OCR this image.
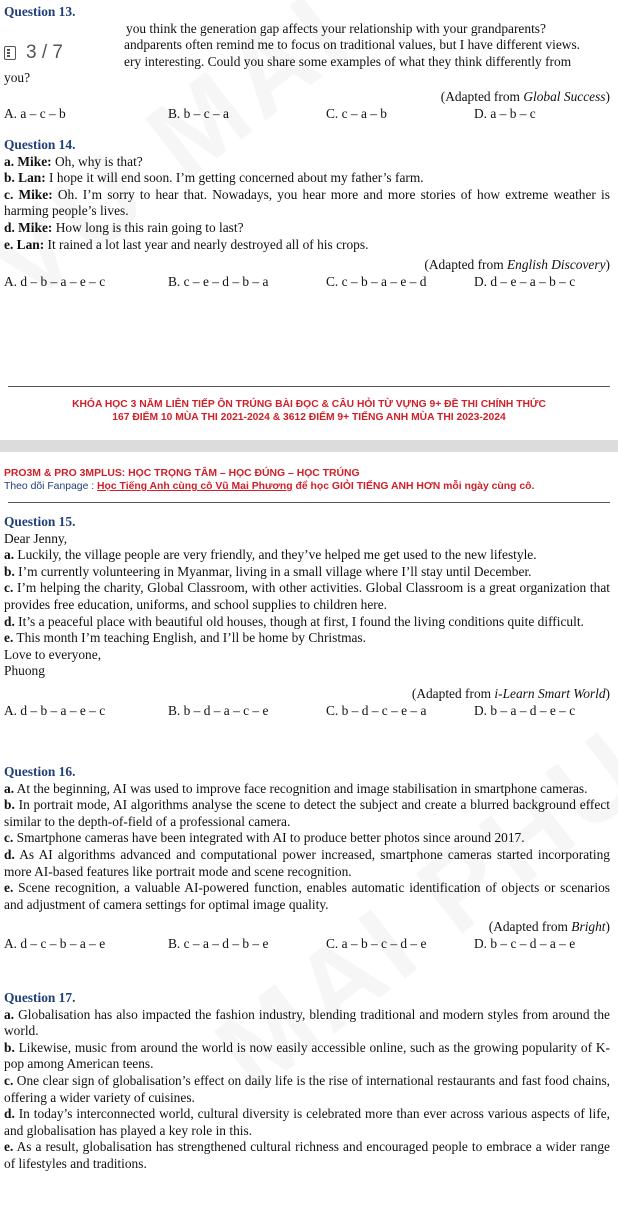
Question 13.
you think the generation gap affects your relationship with your grandparents?
andparents often remind me to focus on traditional values, but I have different views.
ery interesting. Could you share some examples of what they think differently from
you?
(Adapted from Global Success)
A. a – c – b	B. b – c – a	C. c – a – b	D. a – b – c
3 / 7
Question 14.
a. Mike: Oh, why is that?
b. Lan: I hope it will end soon. I’m getting concerned about my father’s farm.
c. Mike: Oh. I’m sorry to hear that. Nowadays, you hear more and more stories of how extreme weather is harming people’s lives.
d. Mike: How long is this rain going to last?
e. Lan: It rained a lot last year and nearly destroyed all of his crops.
(Adapted from English Discovery)
A. d – b – a – e – c	B. c – e – d – b – a	C. c – b – a – e – d	D. d – e – a – b – c
KHÓA HỌC 3 NĂM LIÊN TIẾP ÔN TRÚNG BÀI ĐỌC & CÂU HỎI TỪ VỰNG 9+ ĐỀ THI CHÍNH THỨC
167 ĐIỂM 10 MÙA THI 2021-2024 & 3612 ĐIỂM 9+ TIẾNG ANH MÙA THI 2023-2024
PRO3M & PRO 3MPLUS: HỌC TRỌNG TÂM – HỌC ĐÚNG – HỌC TRÚNG
Theo dõi Fanpage : Học Tiếng Anh cùng cô Vũ Mai Phương để học GIỎI TIẾNG ANH HƠN mỗi ngày cùng cô.
Question 15.
Dear Jenny,
a. Luckily, the village people are very friendly, and they’ve helped me get used to the new lifestyle.
b. I’m currently volunteering in Myanmar, living in a small village where I’ll stay until December.
c. I’m helping the charity, Global Classroom, with other activities. Global Classroom is a great organization that provides free education, uniforms, and school supplies to children here.
d. It’s a peaceful place with beautiful old houses, though at first, I found the living conditions quite difficult.
e. This month I’m teaching English, and I’ll be home by Christmas.
Love to everyone,
Phuong
(Adapted from i-Learn Smart World)
A. d – b – a – e – c	B. b – d – a – c – e	C. b – d – c – e – a	D. b – a – d – e – c
Question 16.
a. At the beginning, AI was used to improve face recognition and image stabilisation in smartphone cameras.
b. In portrait mode, AI algorithms analyse the scene to detect the subject and create a blurred background effect similar to the depth-of-field of a professional camera.
c. Smartphone cameras have been integrated with AI to produce better photos since around 2017.
d. As AI algorithms advanced and computational power increased, smartphone cameras started incorporating more AI-based features like portrait mode and scene recognition.
e. Scene recognition, a valuable AI-powered function, enables automatic identification of objects or scenarios and adjustment of camera settings for optimal image quality.
(Adapted from Bright)
A. d – c – b – a – e	B. c – a – d – b – e	C. a – b – c – d – e	D. b – c – d – a – e
Question 17.
a. Globalisation has also impacted the fashion industry, blending traditional and modern styles from around the world.
b. Likewise, music from around the world is now easily accessible online, such as the growing popularity of K-pop among American teens.
c. One clear sign of globalisation’s effect on daily life is the rise of international restaurants and fast food chains, offering a wider variety of cuisines.
d. In today’s interconnected world, cultural diversity is celebrated more than ever across various aspects of life, and globalisation has played a key role in this.
e. As a result, globalisation has strengthened cultural richness and encouraged people to embrace a wider range of lifestyles and traditions.
